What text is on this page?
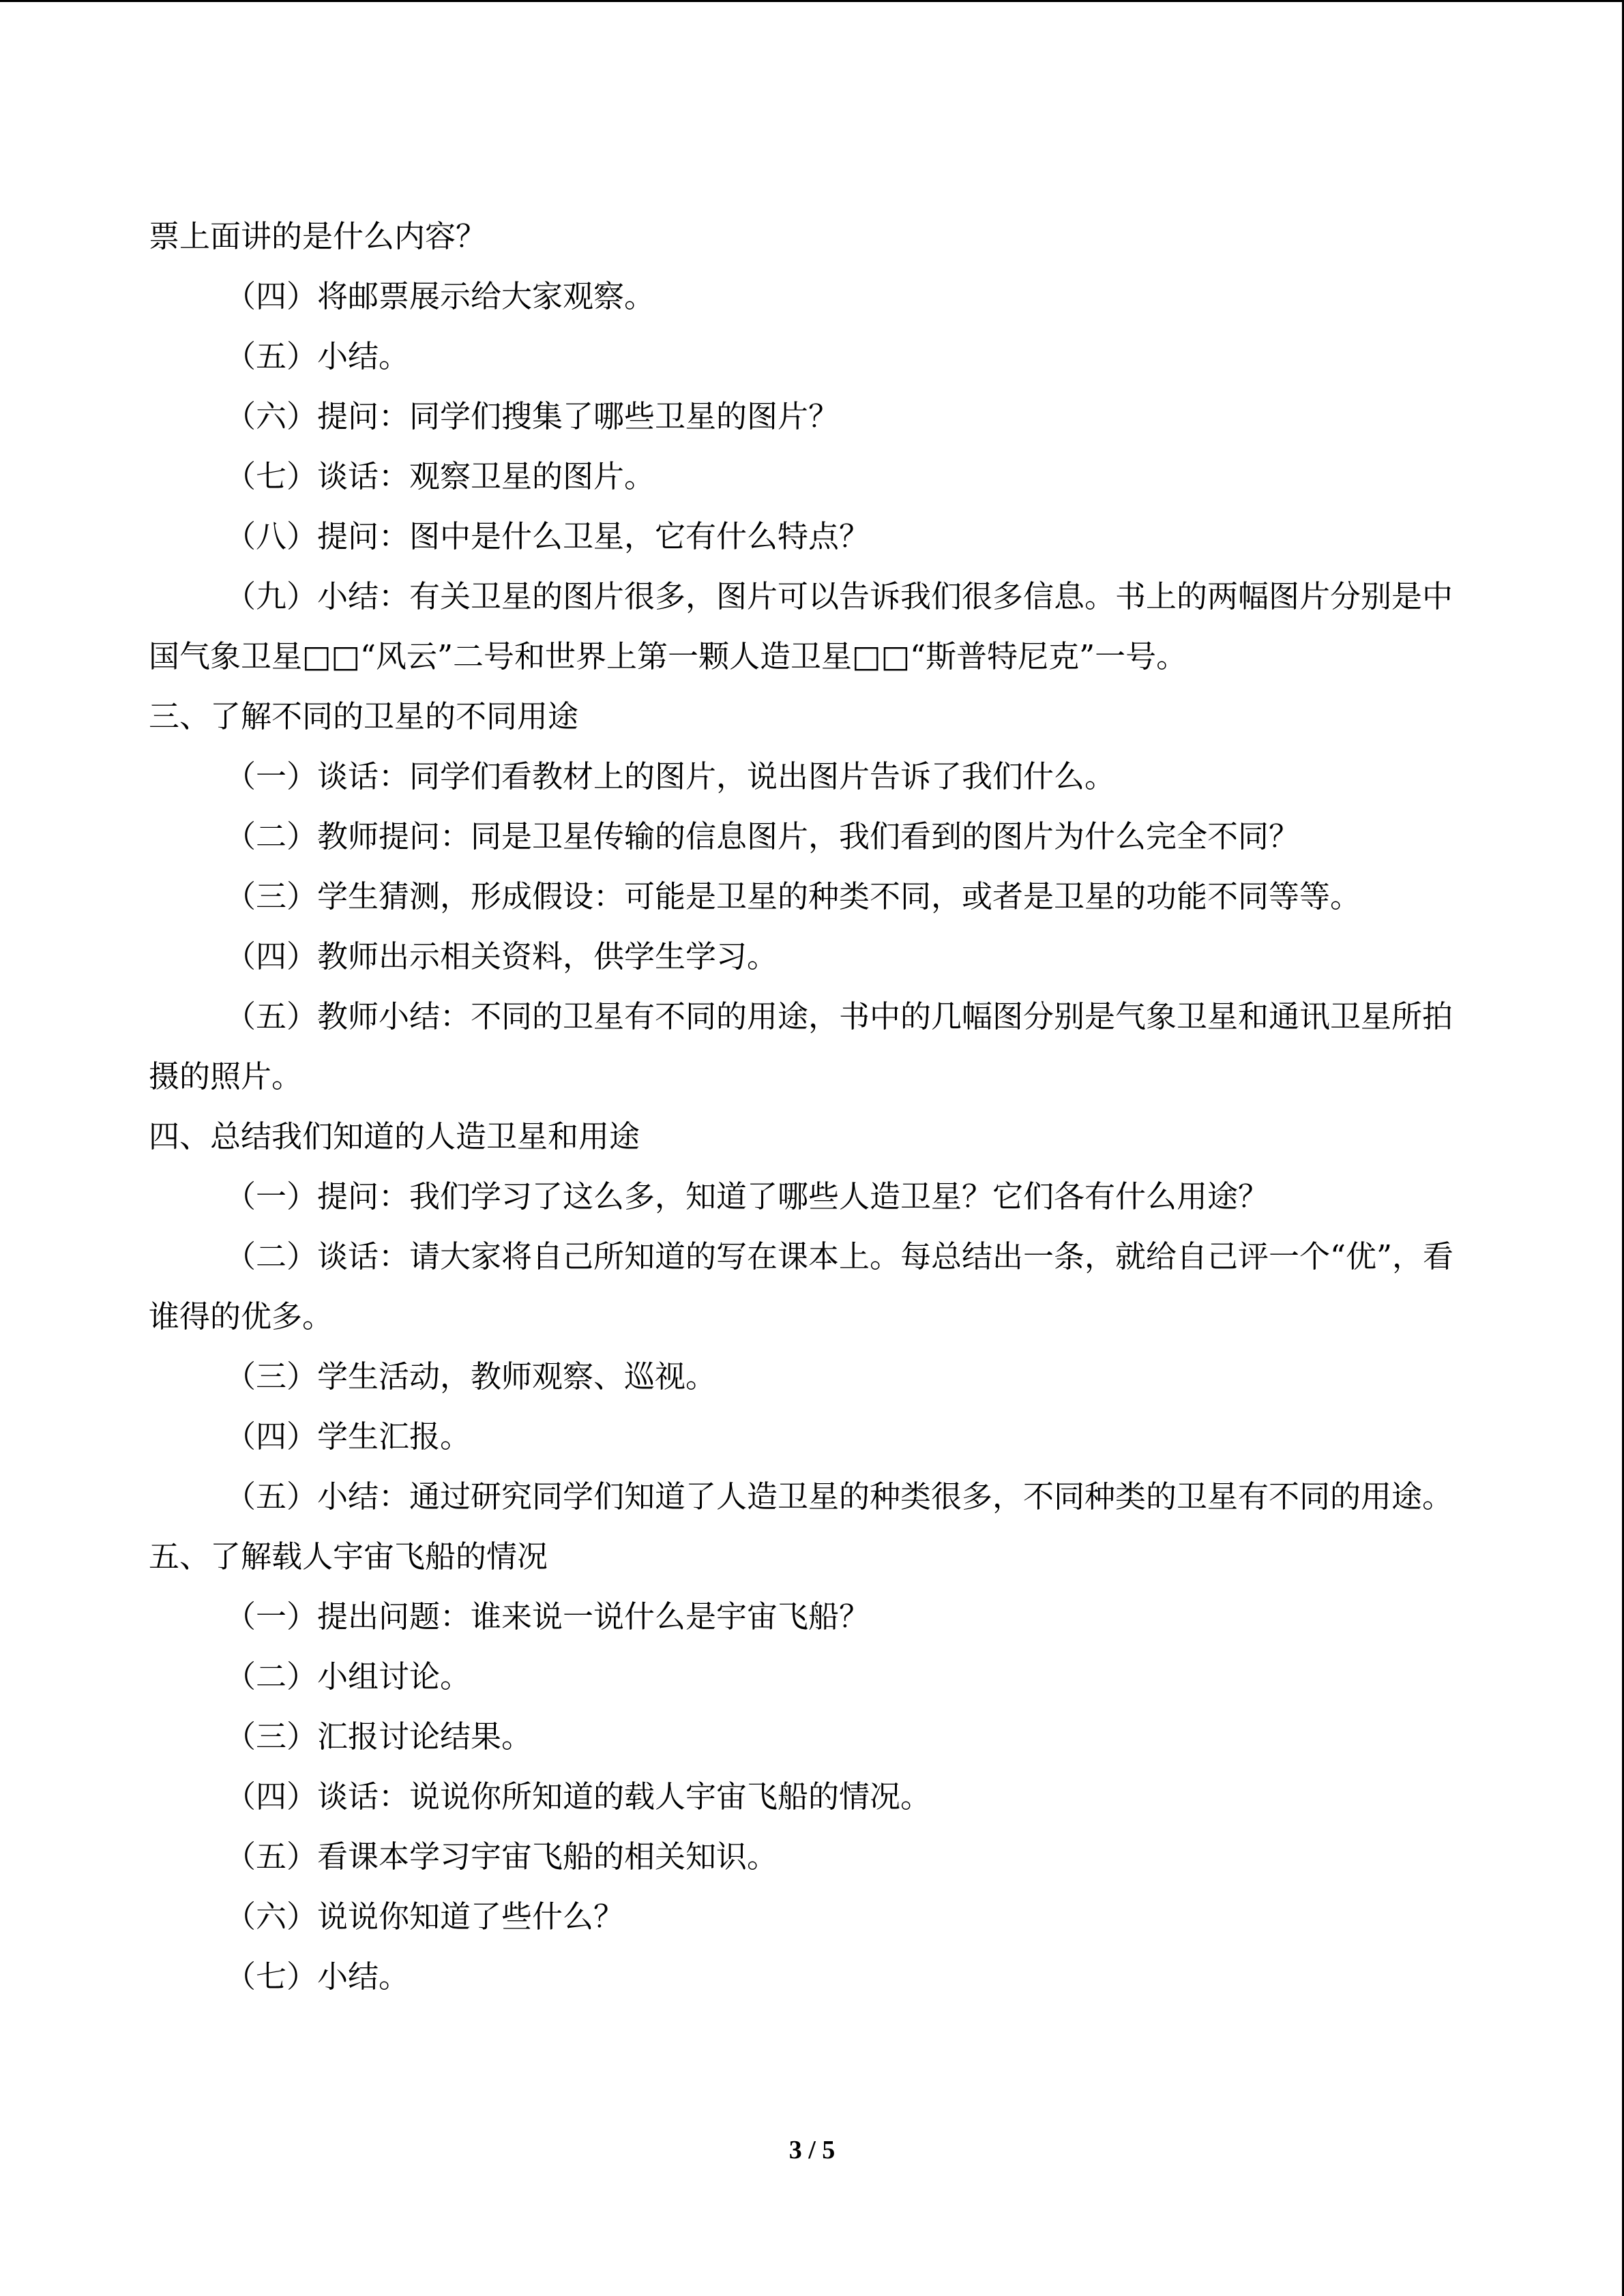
票上面讲的是什么内容？

（四）将邮票展示给大家观察。

（五）小结。

（六）提问：同学们搜集了哪些卫星的图片？

（七）谈话：观察卫星的图片。

（八）提问：图中是什么卫星，它有什么特点？

（九）小结：有关卫星的图片很多，图片可以告诉我们很多信息。书上的两幅图片分别是中国气象卫星□□“风云”二号和世界上第一颗人造卫星□□“斯普特尼克”一号。

三、了解不同的卫星的不同用途

（一）谈话：同学们看教材上的图片，说出图片告诉了我们什么。

（二）教师提问：同是卫星传输的信息图片，我们看到的图片为什么完全不同？

（三）学生猜测，形成假设：可能是卫星的种类不同，或者是卫星的功能不同等等。

（四）教师出示相关资料，供学生学习。

（五）教师小结：不同的卫星有不同的用途，书中的几幅图分别是气象卫星和通讯卫星所拍摄的照片。

四、总结我们知道的人造卫星和用途

（一）提问：我们学习了这么多，知道了哪些人造卫星？它们各有什么用途？

（二）谈话：请大家将自己所知道的写在课本上。每总结出一条，就给自己评一个“优”，看谁得的优多。

（三）学生活动，教师观察、巡视。

（四）学生汇报。

（五）小结：通过研究同学们知道了人造卫星的种类很多，不同种类的卫星有不同的用途。

五、了解载人宇宙飞船的情况

（一）提出问题：谁来说一说什么是宇宙飞船？

（二）小组讨论。

（三）汇报讨论结果。

（四）谈话：说说你所知道的载人宇宙飞船的情况。

（五）看课本学习宇宙飞船的相关知识。

（六）说说你知道了些什么？

（七）小结。

3 / 5
